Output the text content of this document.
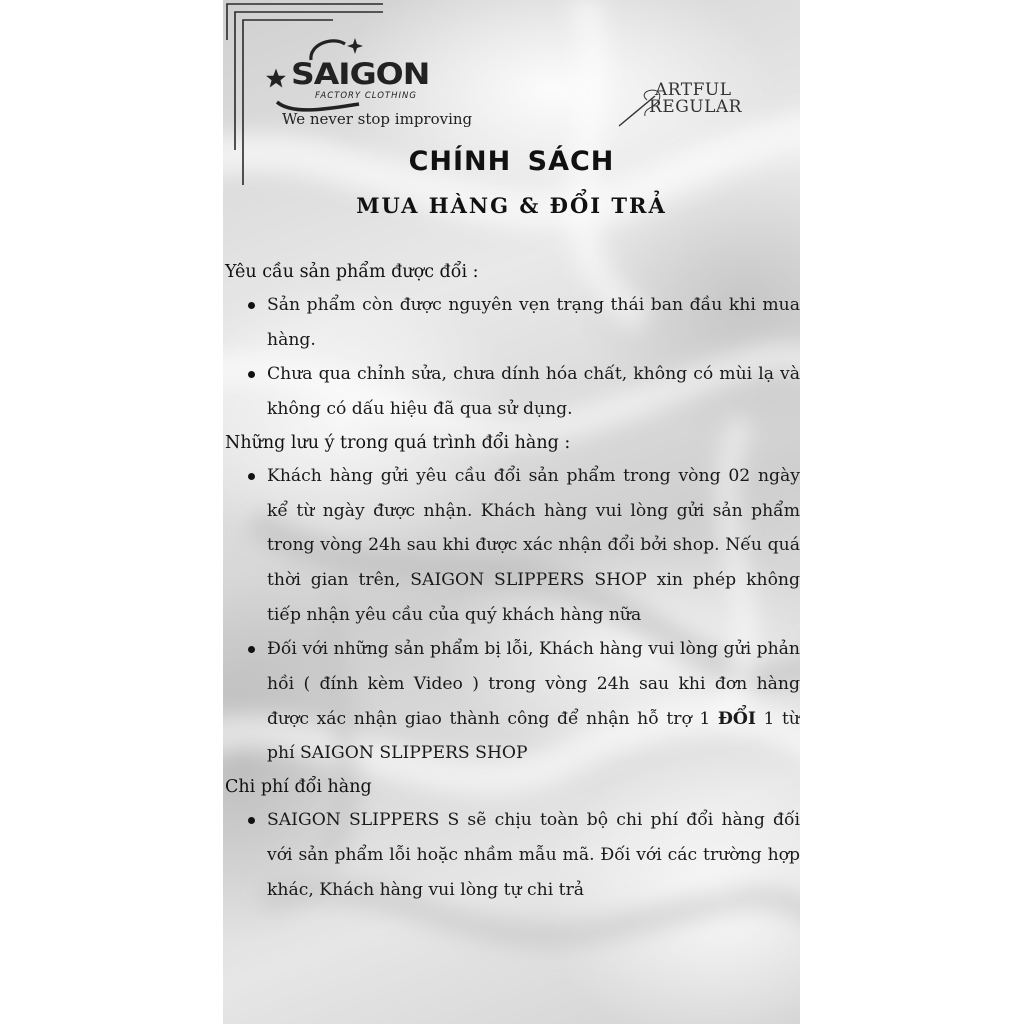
SAIGON
FACTORY CLOTHING
We never stop improving
ARTFUL
REGULAR
CHÍNH SÁCH
MUA HÀNG & ĐỔI TRẢ
Yêu cầu sản phẩm được đổi :
Sản phẩm còn được nguyên vẹn trạng thái ban đầu khi mua hàng.
Chưa qua chỉnh sửa, chưa dính hóa chất, không có mùi lạ và không có dấu hiệu đã qua sử dụng.
Những lưu ý trong quá trình đổi hàng :
Khách hàng gửi yêu cầu đổi sản phẩm trong vòng 02 ngày kể từ ngày được nhận. Khách hàng vui lòng gửi sản phẩm trong vòng 24h sau khi được xác nhận đổi bởi shop. Nếu quá thời gian trên, SAIGON SLIPPERS SHOP xin phép không tiếp nhận yêu cầu của quý khách hàng nữa
Đối với những sản phẩm bị lỗi, Khách hàng vui lòng gửi phản hồi ( đính kèm Video ) trong vòng 24h sau khi đơn hàng được xác nhận giao thành công để nhận hỗ trợ 1 ĐỔI 1 từ phí SAIGON SLIPPERS SHOP
Chi phí đổi hàng
SAIGON SLIPPERS S sẽ chịu toàn bộ chi phí đổi hàng đối với sản phẩm lỗi hoặc nhầm mẫu mã. Đối với các trường hợp khác, Khách hàng vui lòng tự chi trả
